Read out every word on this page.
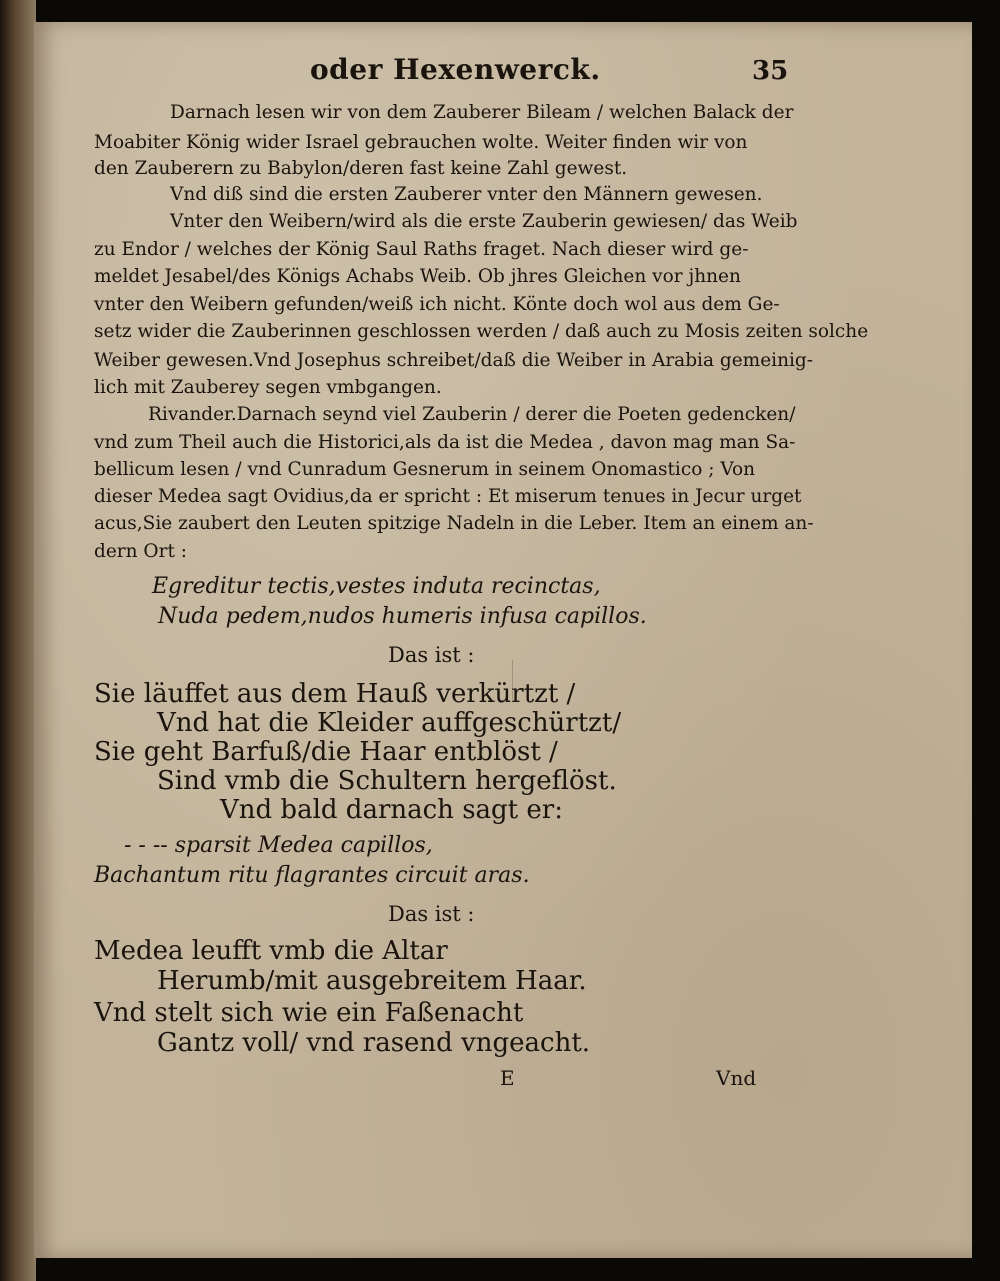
oder Hexenwerck.	35
Darnach lesen wir von dem Zauberer Bileam / welchen Balack der
Moabiter König wider Israel gebrauchen wolte. Weiter finden wir von
den Zauberern zu Babylon/deren fast keine Zahl gewest.
Vnd diß sind die ersten Zauberer vnter den Männern gewesen.
Vnter den Weibern/wird als die erste Zauberin gewiesen/ das Weib
zu Endor / welches der König Saul Raths fraget. Nach dieser wird ge-
meldet Jesabel/des Königs Achabs Weib. Ob jhres Gleichen vor jhnen
vnter den Weibern gefunden/weiß ich nicht. Könte doch wol aus dem Ge-
setz wider die Zauberinnen geschlossen werden / daß auch zu Mosis zeiten solche
Weiber gewesen.Vnd Josephus schreibet/daß die Weiber in Arabia gemeinig-
lich mit Zauberey segen vmbgangen.
Rivander.Darnach seynd viel Zauberin / derer die Poeten gedencken/
vnd zum Theil auch die Historici,als da ist die Medea , davon mag man Sa-
bellicum lesen / vnd Cunradum Gesnerum in seinem Onomastico ; Von
dieser Medea sagt Ovidius,da er spricht : Et miserum tenues in Jecur urget
acus,Sie zaubert den Leuten spitzige Nadeln in die Leber. Item an einem an-
dern Ort :
Egreditur tectis,vestes induta recinctas,
Nuda pedem,nudos humeris infusa capillos.
Das ist :
Sie läuffet aus dem Hauß verkürtzt /
Vnd hat die Kleider auffgeschürtzt/
Sie geht Barfuß/die Haar entblöst /
Sind vmb die Schultern hergeflöst.
Vnd bald darnach sagt er:
- - -- sparsit Medea capillos,
Bachantum ritu flagrantes circuit aras.
Das ist :
Medea leufft vmb die Altar
Herumb/mit ausgebreitem Haar.
Vnd stelt sich wie ein Faßenacht
Gantz voll/ vnd rasend vngeacht.
E	Vnd
